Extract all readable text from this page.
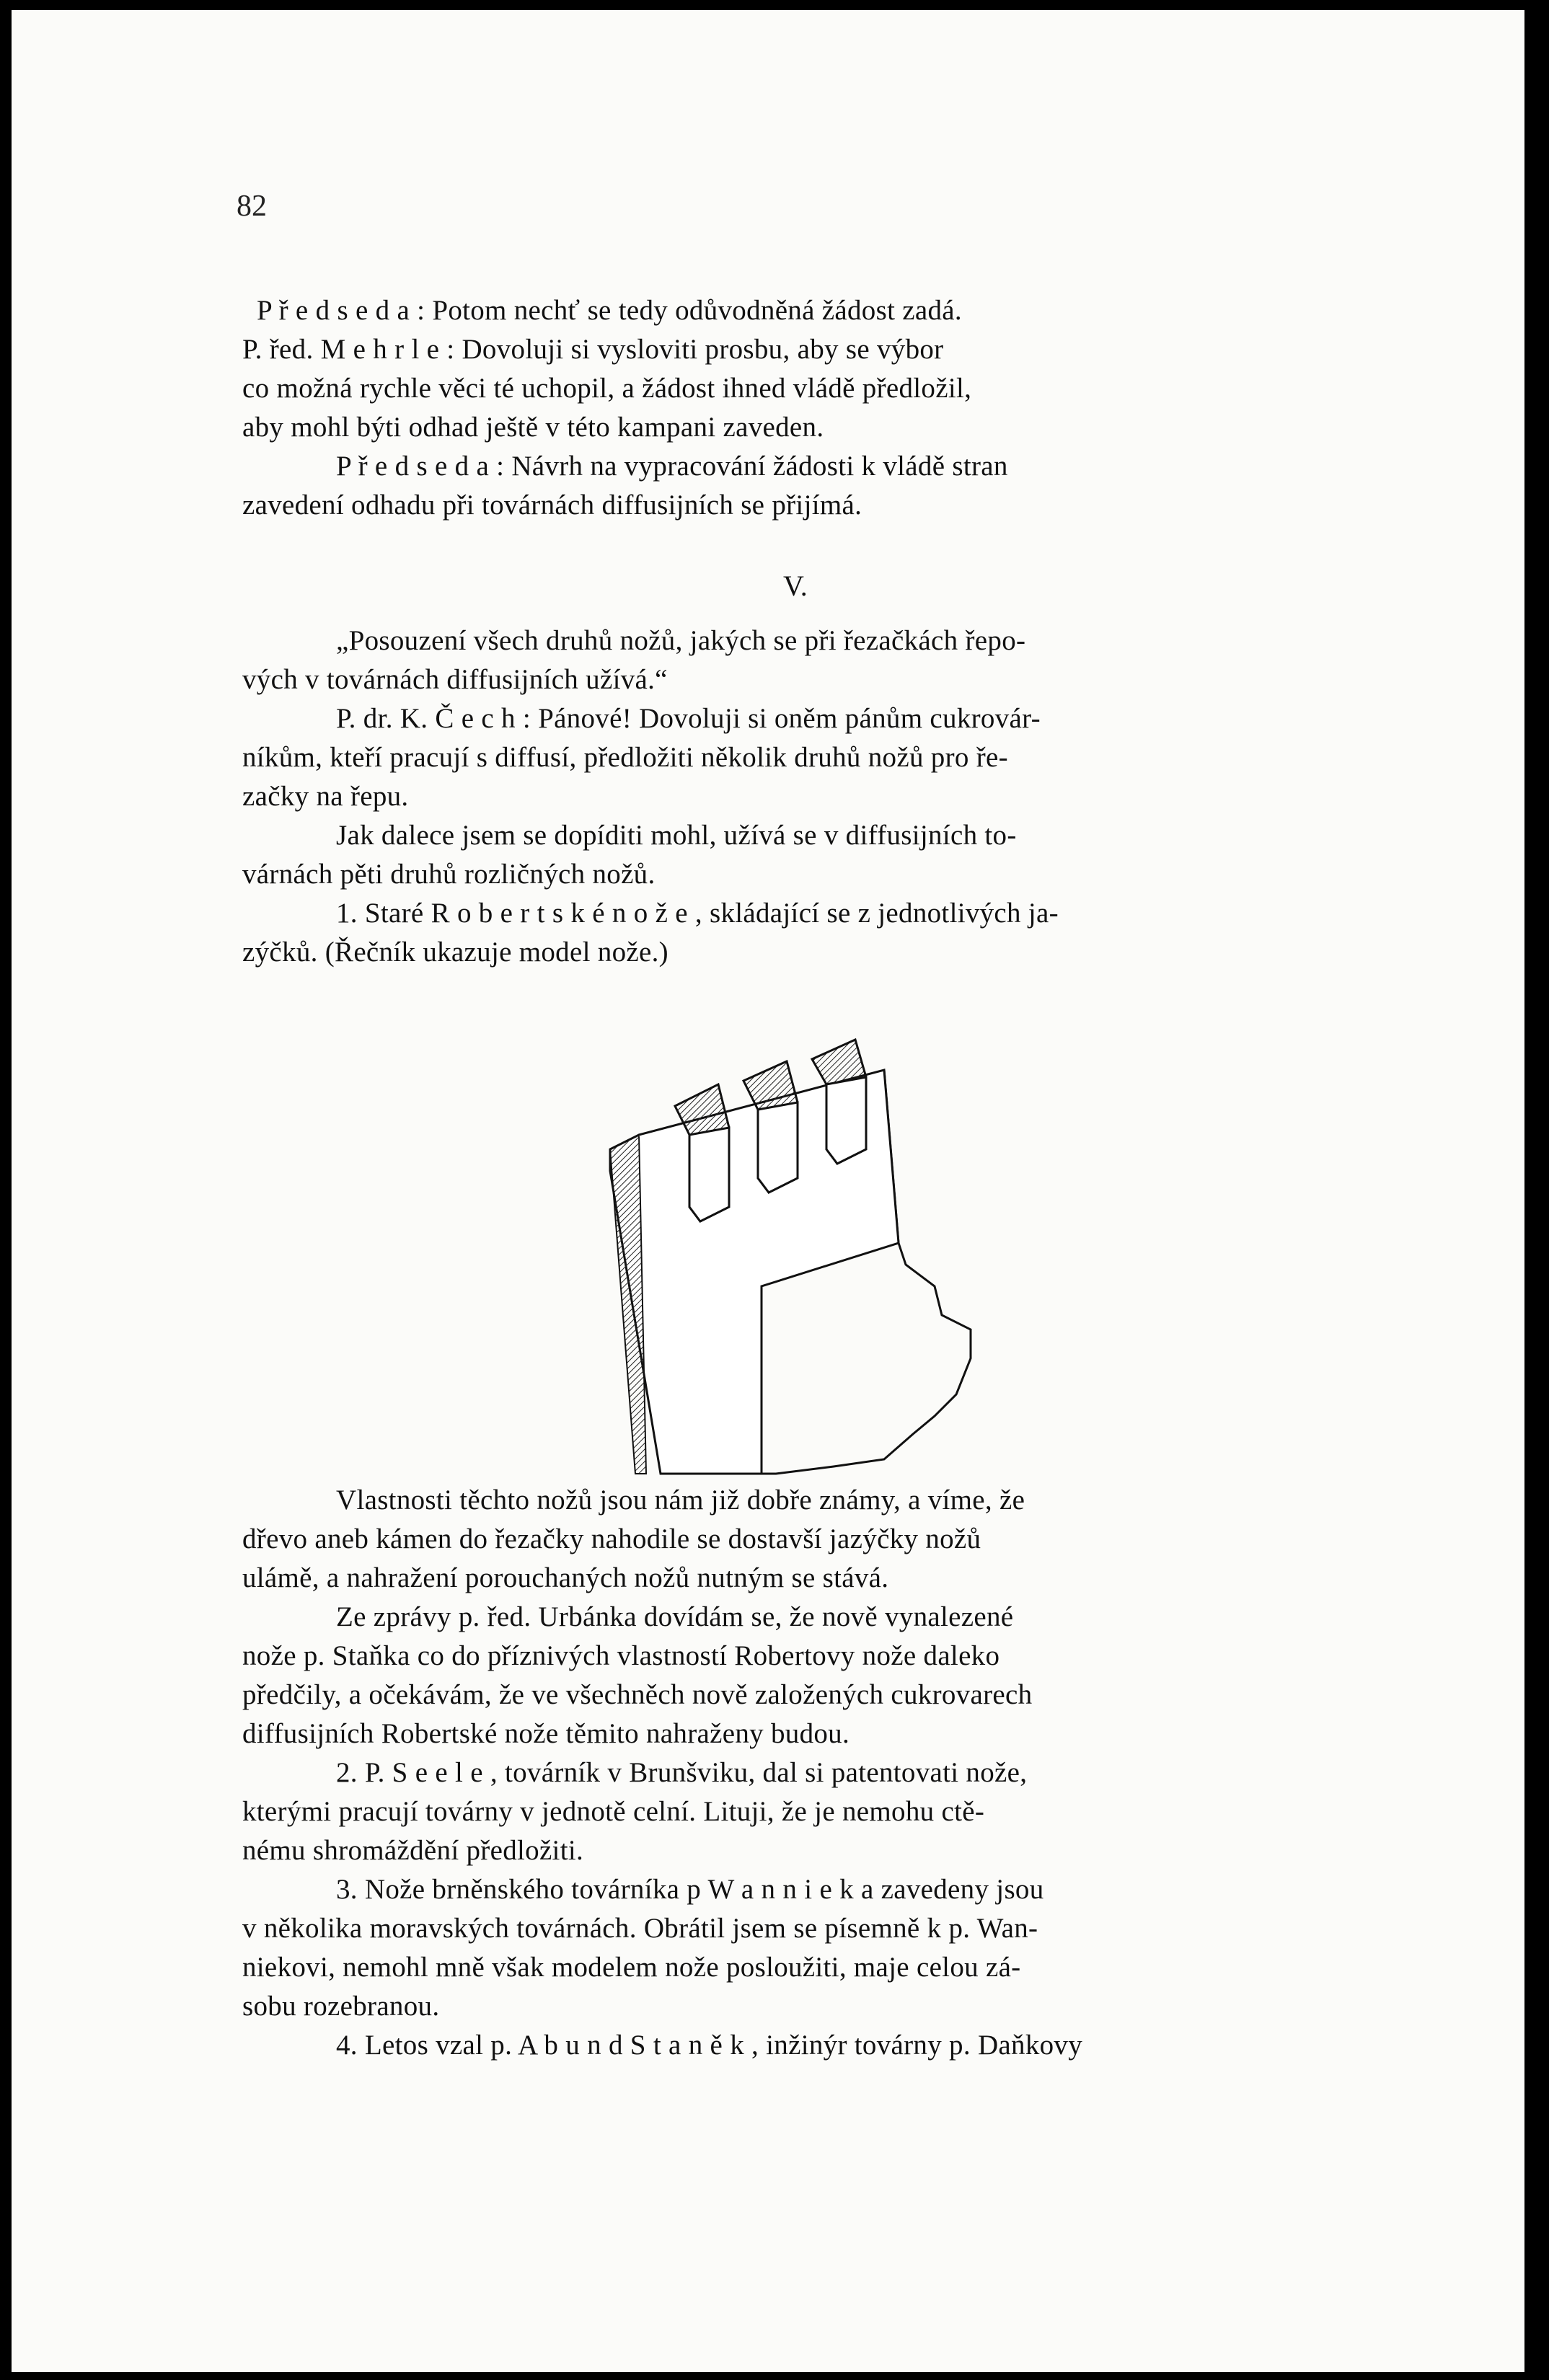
82
P ř e d s e d a : Potom nechť se tedy odůvodněná žádost zadá.
P. řed. M e h r l e : Dovoluji si vysloviti prosbu, aby se výbor
co možná rychle věci té uchopil, a žádost ihned vládě předložil,
aby mohl býti odhad ještě v této kampani zaveden.
P ř e d s e d a : Návrh na vypracování žádosti k vládě stran
zavedení odhadu při továrnách diffusijních se přijímá.
V.
„Posouzení všech druhů nožů, jakých se při řezačkách řepo-
vých v továrnách diffusijních užívá.“
P. dr. K. Č e c h : Pánové! Dovoluji si oněm pánům cukrovár-
níkům, kteří pracují s diffusí, předložiti několik druhů nožů pro ře-
začky na řepu.
Jak dalece jsem se dopíditi mohl, užívá se v diffusijních to-
várnách pěti druhů rozličných nožů.
1. Staré R o b e r t s k é n o ž e , skládající se z jednotlivých ja-
zýčků. (Řečník ukazuje model nože.)
Vlastnosti těchto nožů jsou nám již dobře známy, a víme, že
dřevo aneb kámen do řezačky nahodile se dostavší jazýčky nožů
ulámě, a nahražení porouchaných nožů nutným se stává.
Ze zprávy p. řed. Urbánka dovídám se, že nově vynalezené
nože p. Staňka co do příznivých vlastností Robertovy nože daleko
předčily, a očekávám, že ve všechněch nově založených cukrovarech
diffusijních Robertské nože těmito nahraženy budou.
2. P. S e e l e , továrník v Brunšviku, dal si patentovati nože,
kterými pracují továrny v jednotě celní. Lituji, že je nemohu ctě-
nému shromáždění předložiti.
3. Nože brněnského továrníka p W a n n i e k a zavedeny jsou
v několika moravských továrnách. Obrátil jsem se písemně k p. Wan-
niekovi, nemohl mně však modelem nože posloužiti, maje celou zá-
sobu rozebranou.
4. Letos vzal p. A b u n d S t a n ě k , inžinýr továrny p. Daňkovy
